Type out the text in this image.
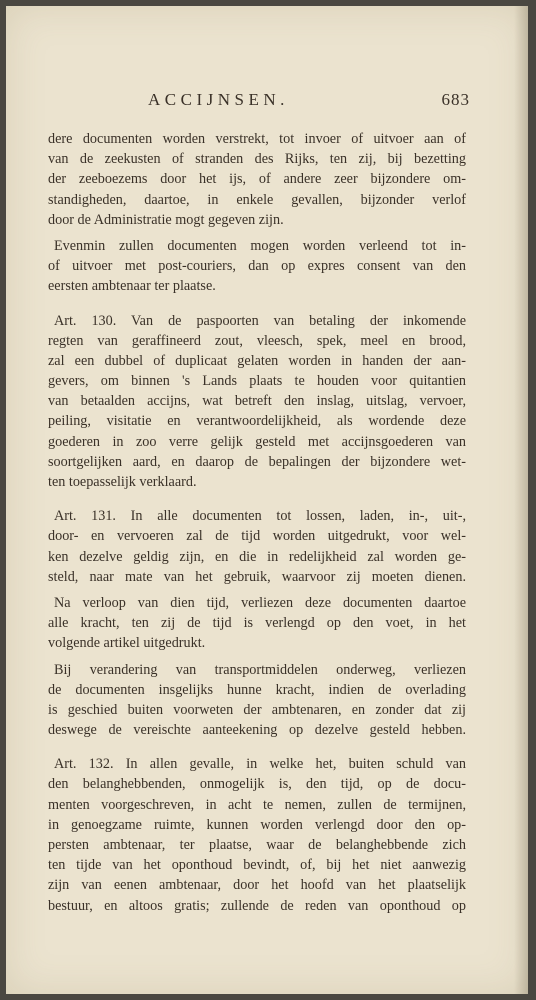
ACCIJNSEN.	683
dere documenten worden verstrekt, tot invoer of uitvoer aan of
van de zeekusten of stranden des Rijks, ten zij, bij bezetting
der zeeboezems door het ijs, of andere zeer bijzondere om-
standigheden, daartoe, in enkele gevallen, bijzonder verlof
door de Administratie mogt gegeven zijn.
Evenmin zullen documenten mogen worden verleend tot in-
of uitvoer met post-couriers, dan op expres consent van den
eersten ambtenaar ter plaatse.
Art. 130. Van de paspoorten van betaling der inkomende
regten van geraffineerd zout, vleesch, spek, meel en brood,
zal een dubbel of duplicaat gelaten worden in handen der aan-
gevers, om binnen 's Lands plaats te houden voor quitantien
van betaalden accijns, wat betreft den inslag, uitslag, vervoer,
peiling, visitatie en verantwoordelijkheid, als wordende deze
goederen in zoo verre gelijk gesteld met accijnsgoederen van
soortgelijken aard, en daarop de bepalingen der bijzondere wet-
ten toepasselijk verklaard.
Art. 131. In alle documenten tot lossen, laden, in-, uit-,
door- en vervoeren zal de tijd worden uitgedrukt, voor wel-
ken dezelve geldig zijn, en die in redelijkheid zal worden ge-
steld, naar mate van het gebruik, waarvoor zij moeten dienen.
Na verloop van dien tijd, verliezen deze documenten daartoe
alle kracht, ten zij de tijd is verlengd op den voet, in het
volgende artikel uitgedrukt.
Bij verandering van transportmiddelen onderweg, verliezen
de documenten insgelijks hunne kracht, indien de overlading
is geschied buiten voorweten der ambtenaren, en zonder dat zij
deswege de vereischte aanteekening op dezelve gesteld hebben.
Art. 132. In allen gevalle, in welke het, buiten schuld van
den belanghebbenden, onmogelijk is, den tijd, op de docu-
menten voorgeschreven, in acht te nemen, zullen de termijnen,
in genoegzame ruimte, kunnen worden verlengd door den op-
persten ambtenaar, ter plaatse, waar de belanghebbende zich
ten tijde van het oponthoud bevindt, of, bij het niet aanwezig
zijn van eenen ambtenaar, door het hoofd van het plaatselijk
bestuur, en altoos gratis; zullende de reden van oponthoud op
